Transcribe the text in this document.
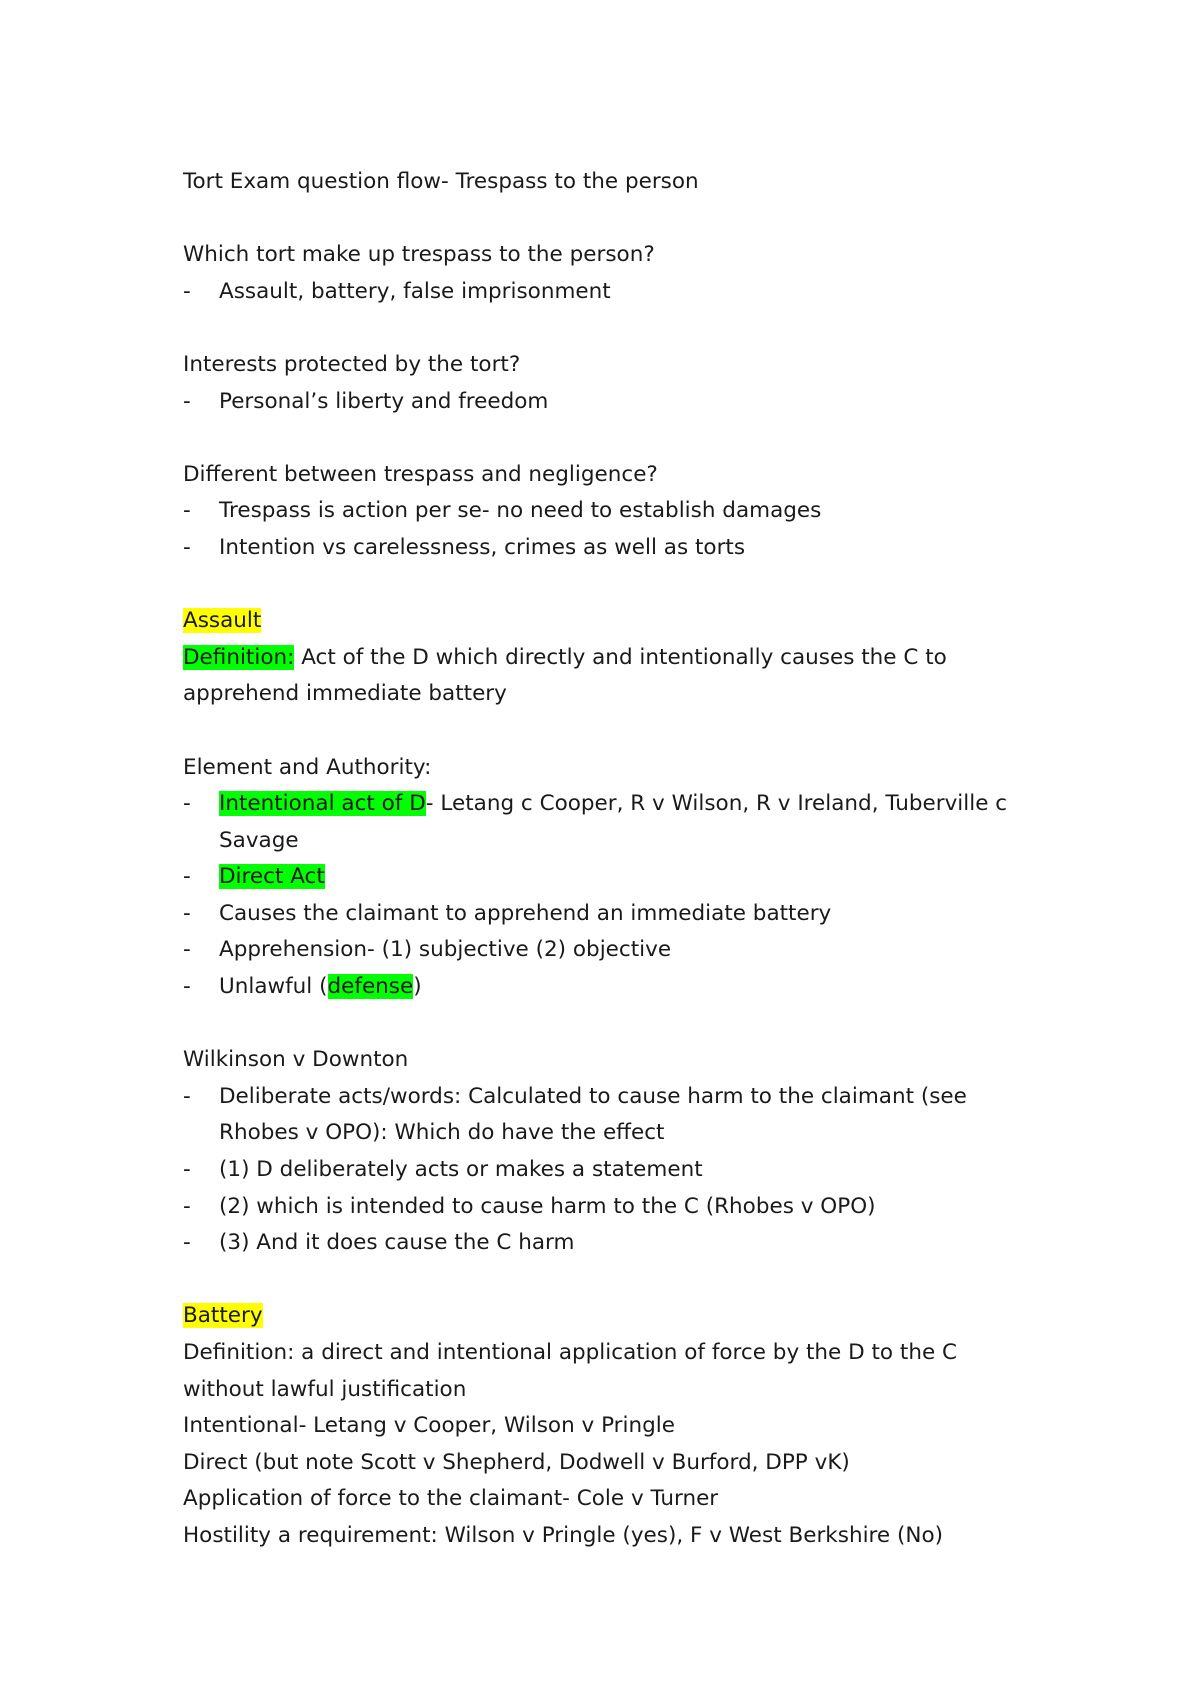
Tort Exam question flow- Trespass to the person
Which tort make up trespass to the person?
- Assault, battery, false imprisonment
Interests protected by the tort?
- Personal’s liberty and freedom
Different between trespass and negligence?
- Trespass is action per se- no need to establish damages
- Intention vs carelessness, crimes as well as torts
Assault
Definition: Act of the D which directly and intentionally causes the C to
apprehend immediate battery
Element and Authority:
- Intentional act of D- Letang c Cooper, R v Wilson, R v Ireland, Tuberville c
Savage
- Direct Act
- Causes the claimant to apprehend an immediate battery
- Apprehension- (1) subjective (2) objective
- Unlawful (defense)
Wilkinson v Downton
- Deliberate acts/words: Calculated to cause harm to the claimant (see
Rhobes v OPO): Which do have the effect
- (1) D deliberately acts or makes a statement
- (2) which is intended to cause harm to the C (Rhobes v OPO)
- (3) And it does cause the C harm
Battery
Definition: a direct and intentional application of force by the D to the C
without lawful justification
Intentional- Letang v Cooper, Wilson v Pringle
Direct (but note Scott v Shepherd, Dodwell v Burford, DPP vK)
Application of force to the claimant- Cole v Turner
Hostility a requirement: Wilson v Pringle (yes), F v West Berkshire (No)
